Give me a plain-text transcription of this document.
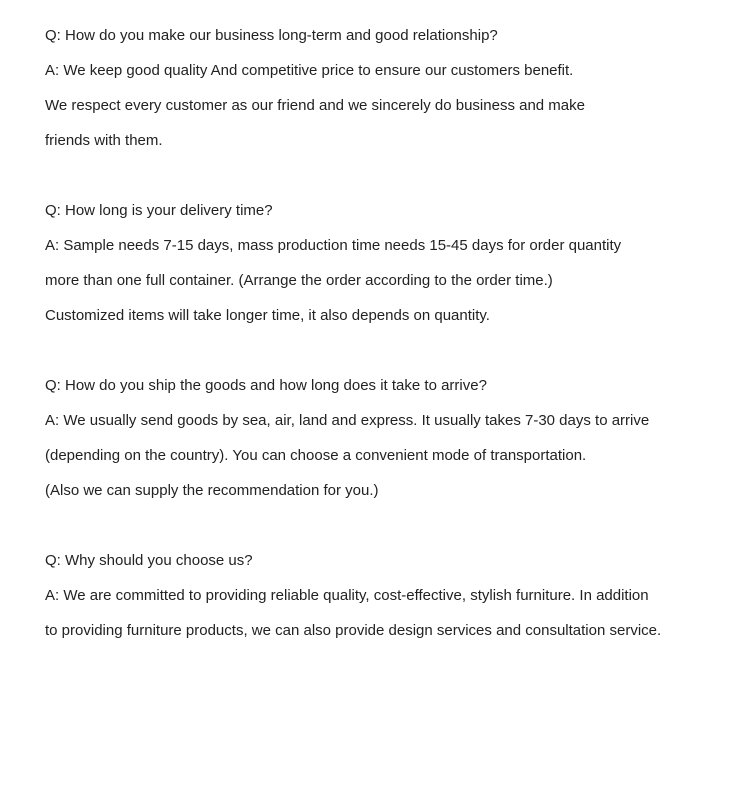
Q: How do you make our business long-term and good relationship?
A: We keep good quality And competitive price to ensure our customers benefit.
We respect every customer as our friend and we sincerely do business and make
friends with them.
Q: How long is your delivery time?
A: Sample needs 7-15 days, mass production time needs 15-45 days for order quantity
more than one full container. (Arrange the order according to the order time.)
Customized items will take longer time, it also depends on quantity.
Q: How do you ship the goods and how long does it take to arrive?
A: We usually send goods by sea, air, land and express. It usually takes 7-30 days to arrive
(depending on the country). You can choose a convenient mode of transportation.
(Also we can supply the recommendation for you.)
Q: Why should you choose us?
A: We are committed to providing reliable quality, cost-effective, stylish furniture. In addition
to providing furniture products, we can also provide design services and consultation service.
